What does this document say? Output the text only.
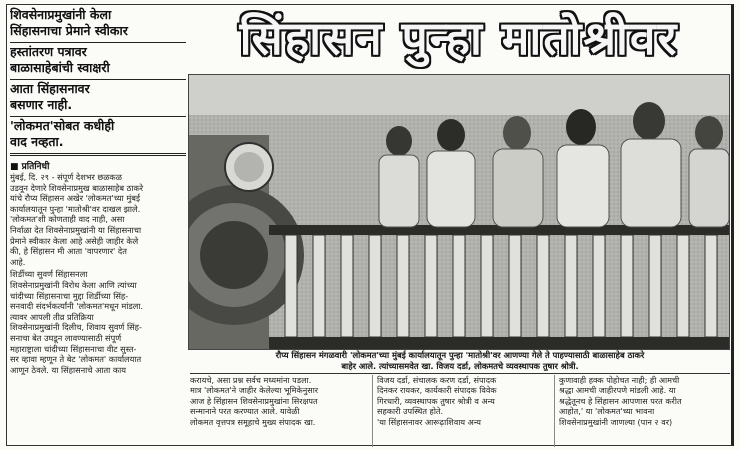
शिवसेनाप्रमुखांनी केला
सिंहासनाचा प्रेमाने स्वीकार
हस्तांतरण पत्रावर
बाळासाहेबांची स्वाक्षरी
आता सिंहासनावर
बसणार नाही.
'लोकमत'सोबत कधीही
वाद नव्हता.
■ प्रतिनिधी

मुंबई, दि. २९ - संपूर्ण देशभर छळकळ
उडवून देणारे शिवसेनाप्रमुख बाळासाहेब ठाकरे
यांचे रौप्य सिंहासन अखेर 'लोकमत'च्या मुंबई
कार्यालयातून पुन्हा 'मातोश्री'वर दाखल झाले.
'लोकमत'शी कोणताही वाद नाही, असा
निर्वाळा देत शिवसेनाप्रमुखांनी या सिंहासनाचा
प्रेमाने स्वीकार केला आहे असेही जाहीर केले
की, हे सिंहासन मी आता 'वापरणार' देत
आहे.

शिर्डीच्या सुवर्ण सिंहासनला
शिवसेनाप्रमुखांनी विरोध केला आणि त्यांच्या
चांदीच्या सिंहासनाचा मुद्दा शिर्डीच्या सिंह-
सनवादी संदर्भकर्त्यांनी 'लोकमत'मधून मांडला.
त्यावर आपली तीव्र प्रतिक्रिया
शिवसेनाप्रमुखांनी दिलीच, शिवाय सुवर्ण सिंह-
सनाचा बेत उघडून लावण्यासाठी संपूर्ण
महाराष्ट्राला चांदीच्या सिंहासनाचा वीट सुस्त-
सर व्हावा म्हणून ते बेट 'लोकमत' कार्यालयात
आणून ठेवले. या सिंहासनाचे आता काय

सिंहासन पुन्हा मातोश्रीवर
रौप्य सिंहासन मंगळवारी 'लोकमत'च्या मुंबई कार्यालयातून पुन्हा 'मातोश्री'वर आणण्या गेले ते पाहण्यासाठी बाळासाहेब ठाकरे
बाहेर आले. त्यांच्यासमवेत खा. विजय दर्डा, लोकमतचे व्यवस्थापक तुषार श्रोत्री.
करायचे, असा प्रश्न सर्वच मध्यमांना पडला.
मात्र 'लोकमत'ने जाहीर केलेल्या भूमिकेनुसार
आज हे सिंहासन शिवसेनाप्रमुखांना सिरक्षपत
सन्मानाने परत करण्यात आले. यावेळी
लोकमत वृत्तपत्र समूहाचे मुख्य संपादक खा.
विजय दर्डा, संचालक करण दर्डा, संपादक
दिनकर रायकर, कार्यकारी संपादक विवेक
गिरधारी, व्यवस्थापक तुषार श्रोत्री व अन्य
सहकारी उपस्थित होते.
'या सिंहासनावर आरूढ़ाशिवाय अन्य
कुणावाही हक्क पोहोचत नाही; ही आमची
श्रद्धा आमची जाहीरपणे मांडली आहे. या
श्रद्धेतूनच हे सिंहासन आपणास परत करीत
आहोत,' या 'लोकमत'च्या भावना
शिवसेनाप्रमुखांनी जाणल्या (पान २ वर)
